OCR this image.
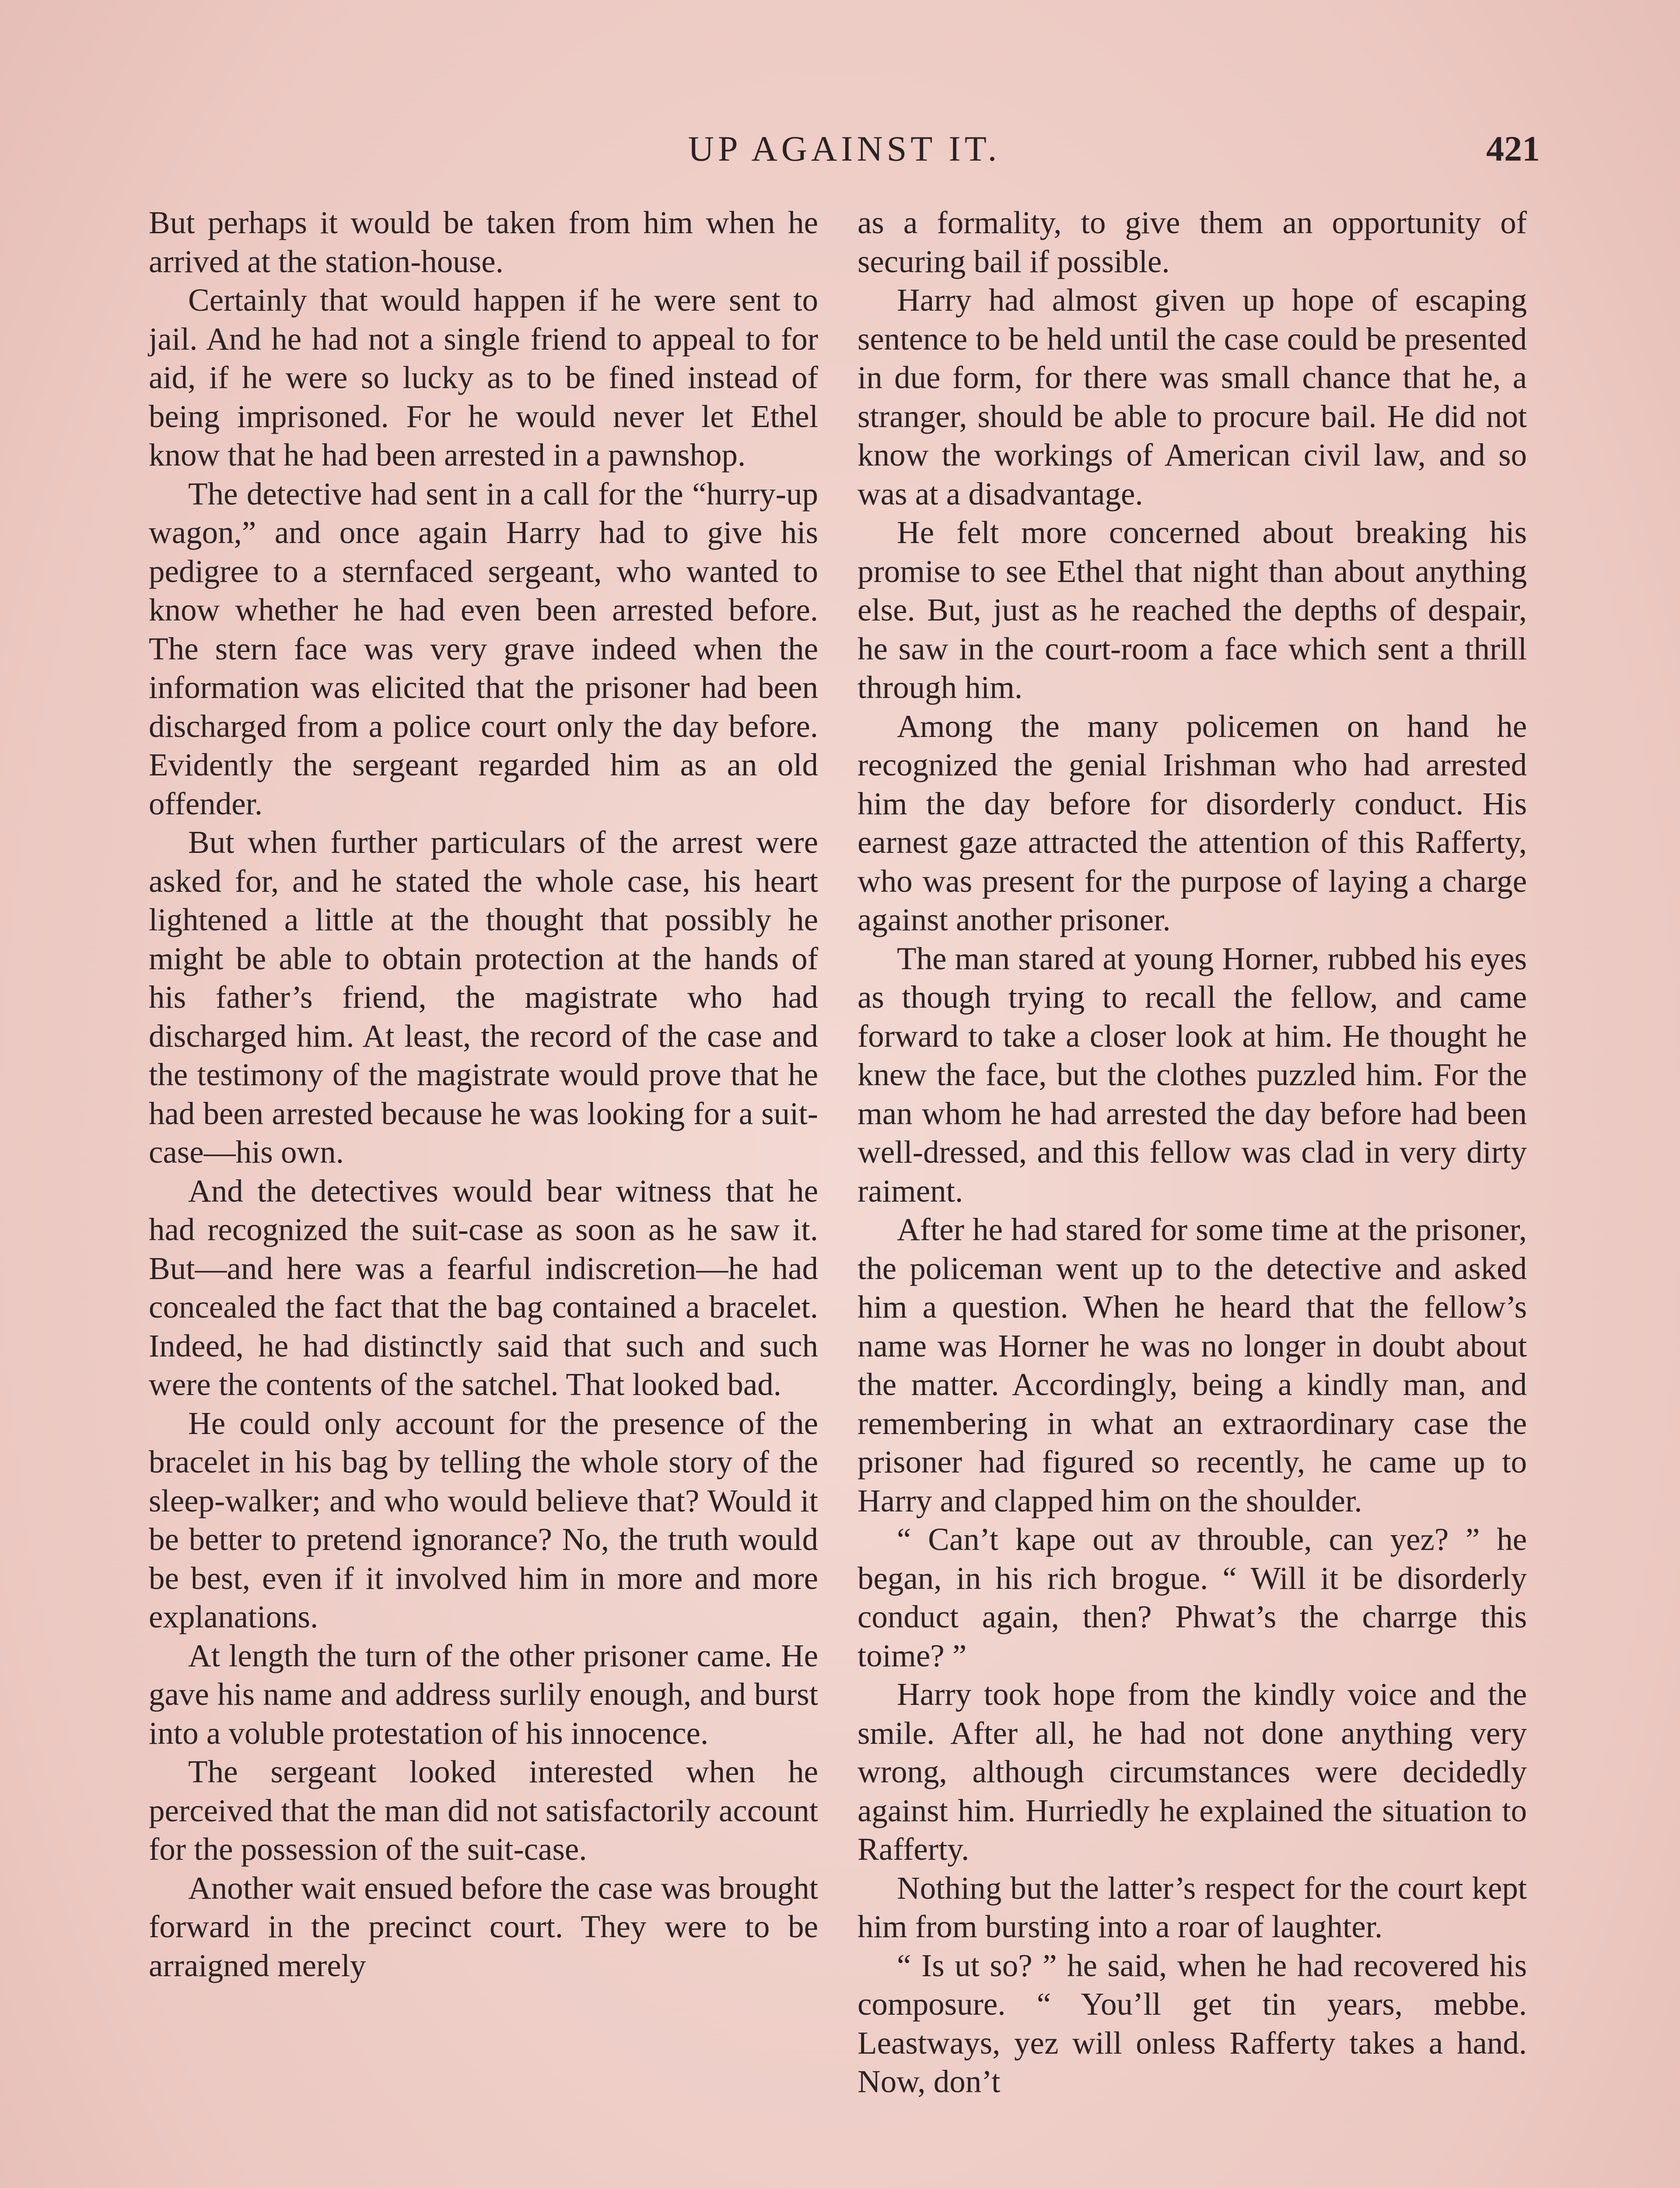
UP AGAINST IT.	421

But perhaps it would be taken from him when he arrived at the station-house.

Certainly that would happen if he were sent to jail. And he had not a single friend to appeal to for aid, if he were so lucky as to be fined instead of being imprisoned. For he would never let Ethel know that he had been arrested in a pawnshop.

The detective had sent in a call for the “hurry-up wagon,” and once again Harry had to give his pedigree to a sternfaced sergeant, who wanted to know whether he had even been arrested before. The stern face was very grave indeed when the information was elicited that the prisoner had been discharged from a police court only the day before. Evidently the sergeant regarded him as an old offender.

But when further particulars of the arrest were asked for, and he stated the whole case, his heart lightened a little at the thought that possibly he might be able to obtain protection at the hands of his father’s friend, the magistrate who had discharged him. At least, the record of the case and the testimony of the magistrate would prove that he had been arrested because he was looking for a suit-case—his own.

And the detectives would bear witness that he had recognized the suit-case as soon as he saw it. But—and here was a fearful indiscretion—he had concealed the fact that the bag contained a bracelet. Indeed, he had distinctly said that such and such were the contents of the satchel. That looked bad.

He could only account for the presence of the bracelet in his bag by telling the whole story of the sleep-walker; and who would believe that? Would it be better to pretend ignorance? No, the truth would be best, even if it involved him in more and more explanations.

At length the turn of the other prisoner came. He gave his name and address surlily enough, and burst into a voluble protestation of his innocence.

The sergeant looked interested when he perceived that the man did not satisfactorily account for the possession of the suit-case.

Another wait ensued before the case was brought forward in the precinct court. They were to be arraigned merely

as a formality, to give them an opportunity of securing bail if possible.

Harry had almost given up hope of escaping sentence to be held until the case could be presented in due form, for there was small chance that he, a stranger, should be able to procure bail. He did not know the workings of American civil law, and so was at a disadvantage.

He felt more concerned about breaking his promise to see Ethel that night than about anything else. But, just as he reached the depths of despair, he saw in the court-room a face which sent a thrill through him.

Among the many policemen on hand he recognized the genial Irishman who had arrested him the day before for disorderly conduct. His earnest gaze attracted the attention of this Rafferty, who was present for the purpose of laying a charge against another prisoner.

The man stared at young Horner, rubbed his eyes as though trying to recall the fellow, and came forward to take a closer look at him. He thought he knew the face, but the clothes puzzled him. For the man whom he had arrested the day before had been well-dressed, and this fellow was clad in very dirty raiment.

After he had stared for some time at the prisoner, the policeman went up to the detective and asked him a question. When he heard that the fellow’s name was Horner he was no longer in doubt about the matter. Accordingly, being a kindly man, and remembering in what an extraordinary case the prisoner had figured so recently, he came up to Harry and clapped him on the shoulder.

“ Can’t kape out av throuble, can yez? ” he began, in his rich brogue. “ Will it be disorderly conduct again, then? Phwat’s the charrge this toime? ”

Harry took hope from the kindly voice and the smile. After all, he had not done anything very wrong, although circumstances were decidedly against him. Hurriedly he explained the situation to Rafferty.

Nothing but the latter’s respect for the court kept him from bursting into a roar of laughter.

“ Is ut so? ” he said, when he had recovered his composure. “ You’ll get tin years, mebbe. Leastways, yez will onless Rafferty takes a hand. Now, don’t
